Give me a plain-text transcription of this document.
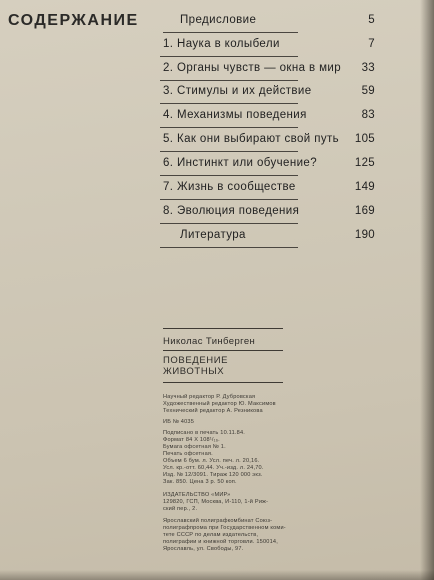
СОДЕРЖАНИЕ	Предисловие	5
1. Наука в колыбели	7
2. Органы чувств — окна в мир	33
3. Стимулы и их действие	59
4. Механизмы поведения	83
5. Как они выбирают свой путь	105
6. Инстинкт или обучение?	125
7. Жизнь в сообществе	149
8. Эволюция поведения	169
Литература	190
Николас Тинберген
ПОВЕДЕНИЕ
ЖИВОТНЫХ
Научный редактор Р. Дубровская
Художественный редактор Ю. Максимов
Технический редактор А. Резникова
ИБ № 4035
Подписано в печать 10.11.84.
Формат 84 Х 108¹/₁₆.
Бумага офсетная № 1.
Печать офсетная.
Объем 6 бум. л. Усл. печ. л. 20,16.
Усл. кр.-отт. 60,44. Уч.-изд. л. 24,70.
Изд. № 12/3091. Тираж 120 000 экз.
Зак. 850. Цена 3 р. 50 коп.
ИЗДАТЕЛЬСТВО «МИР»
129820, ГСП, Москва, И-110, 1-й Риж-
ский пер., 2.
Ярославский полиграфкомбинат Союз-
полиграфпрома при Государственном коми-
тете СССР по делам издательств,
полиграфии и книжной торговли. 150014,
Ярославль, ул. Свободы, 97.
